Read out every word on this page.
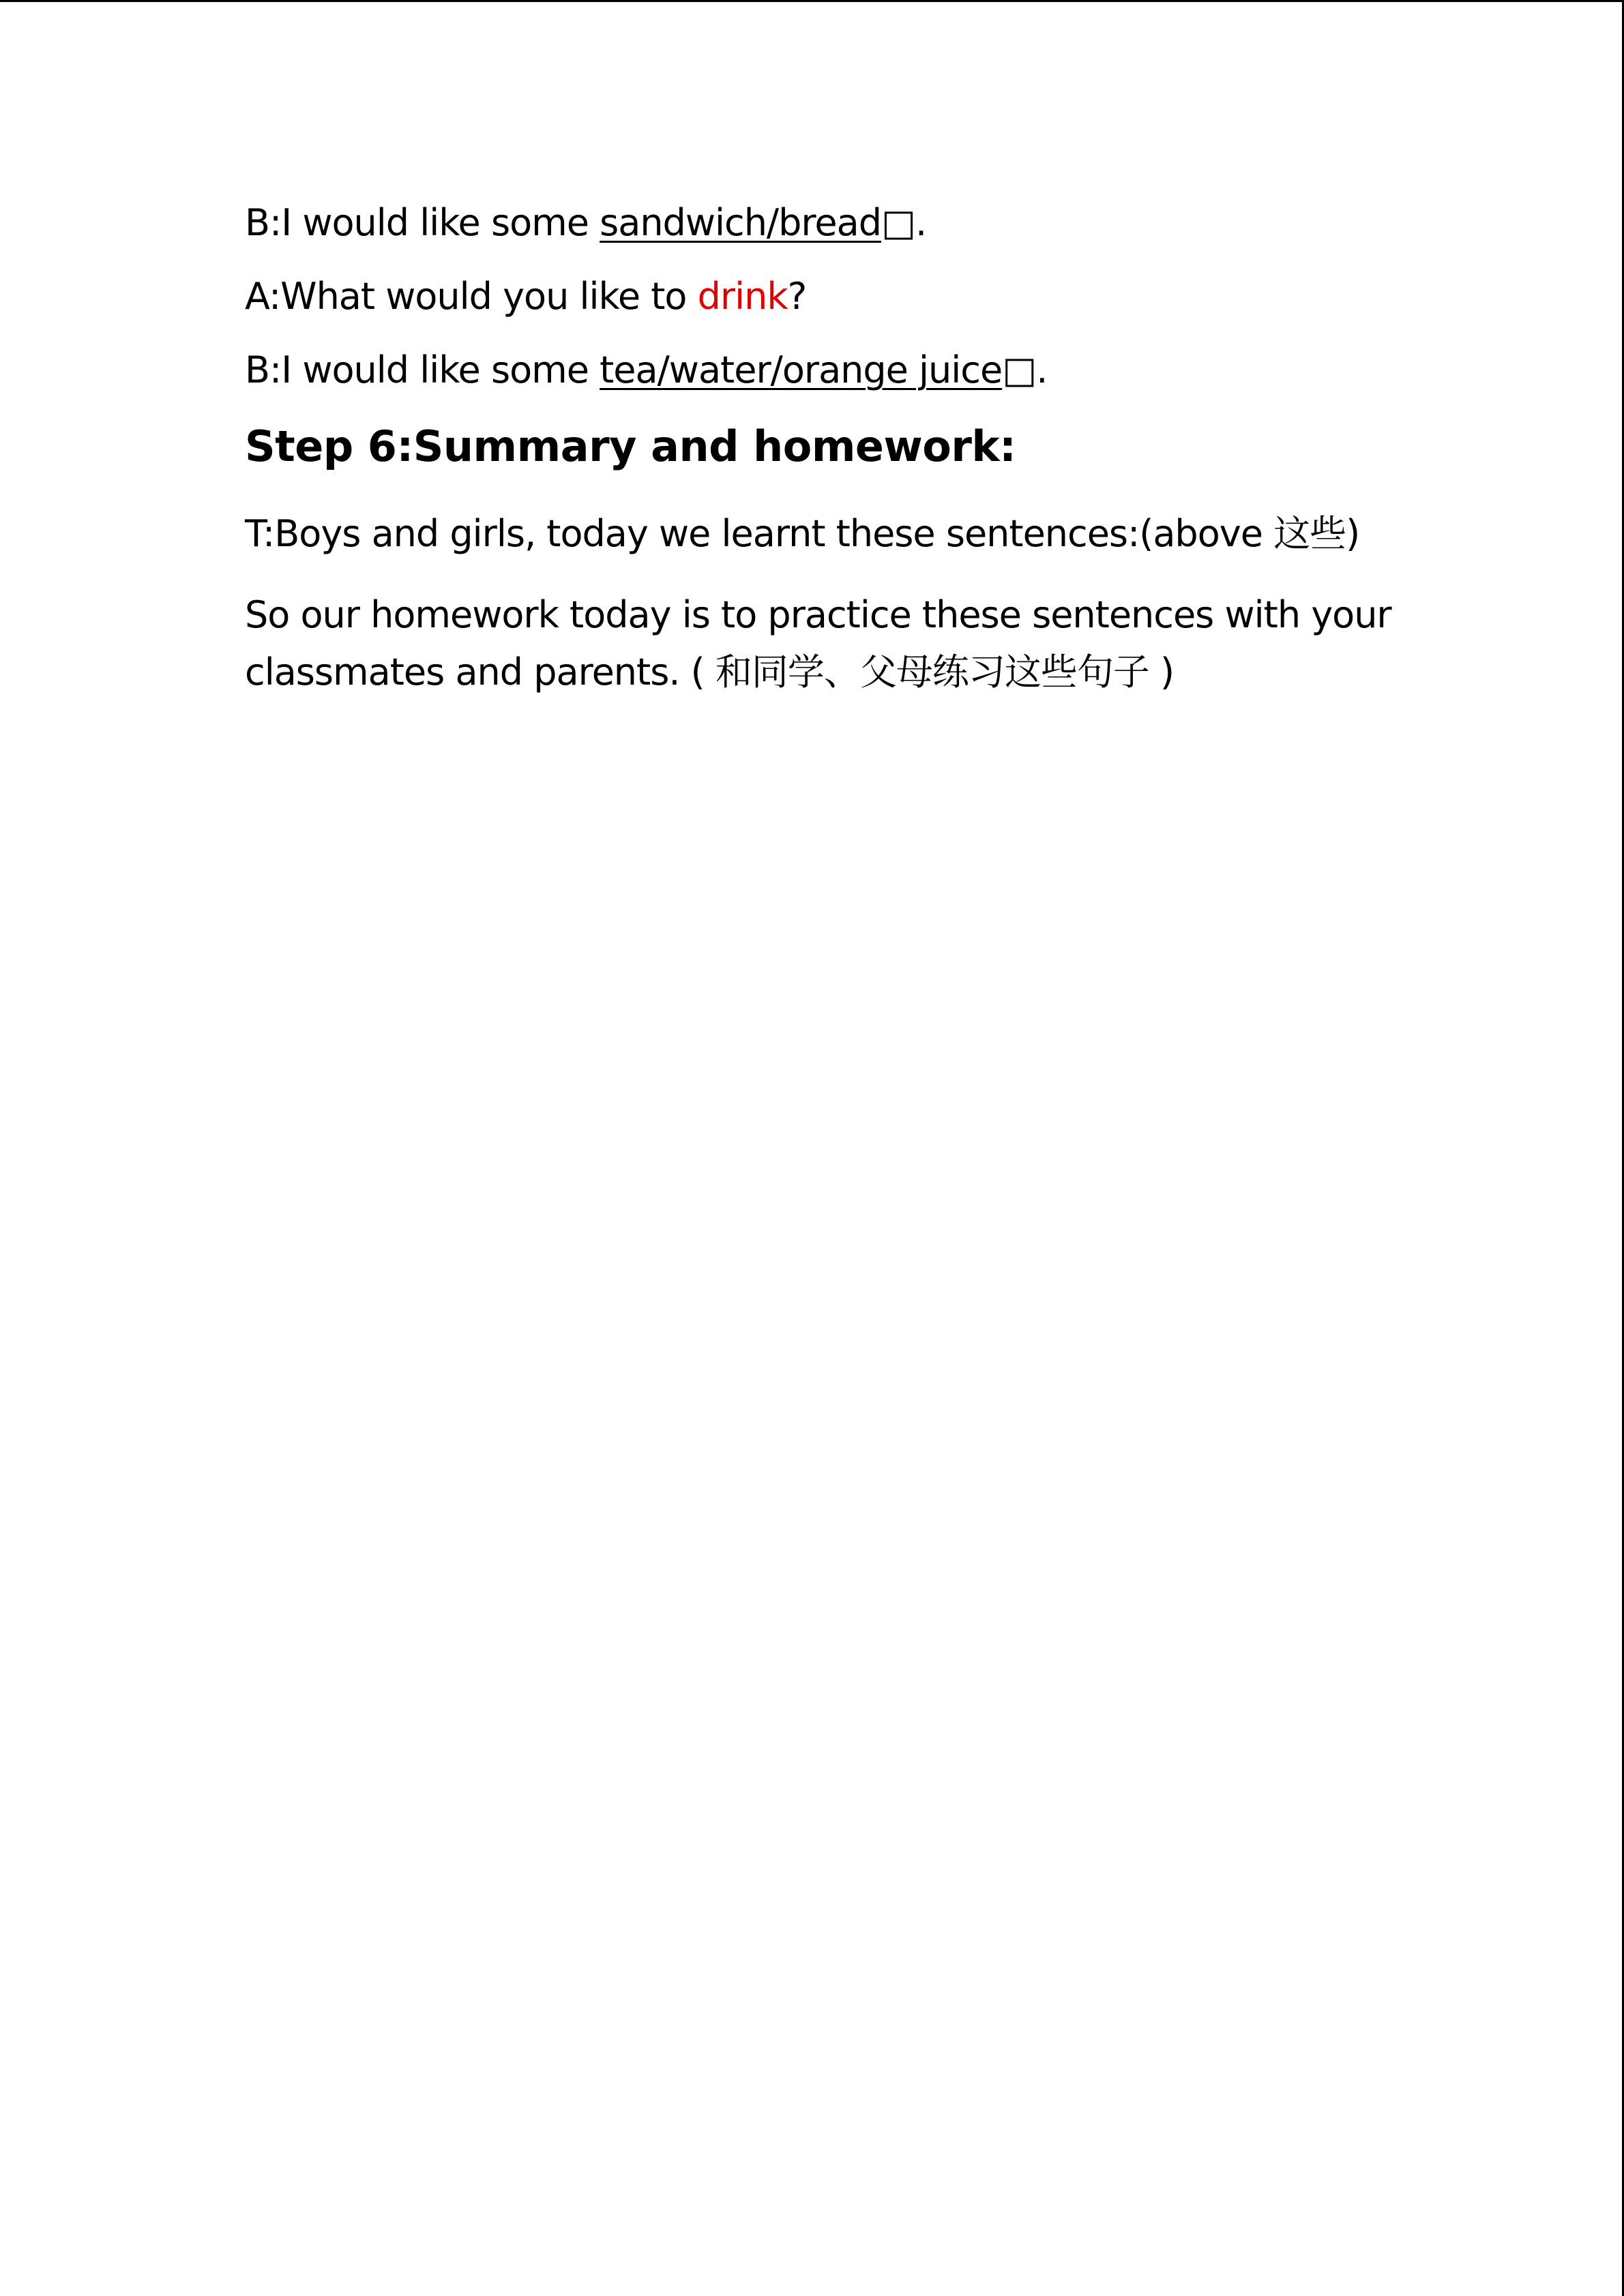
B:I would like some sandwich/bread□.
A:What would you like to drink?
B:I would like some tea/water/orange juice□.
Step 6:Summary and homework:
T:Boys and girls, today we learnt these sentences:(above 这些)
So our homework today is to practice these sentences with your classmates and parents. ( 和同学、父母练习这些句子 )
